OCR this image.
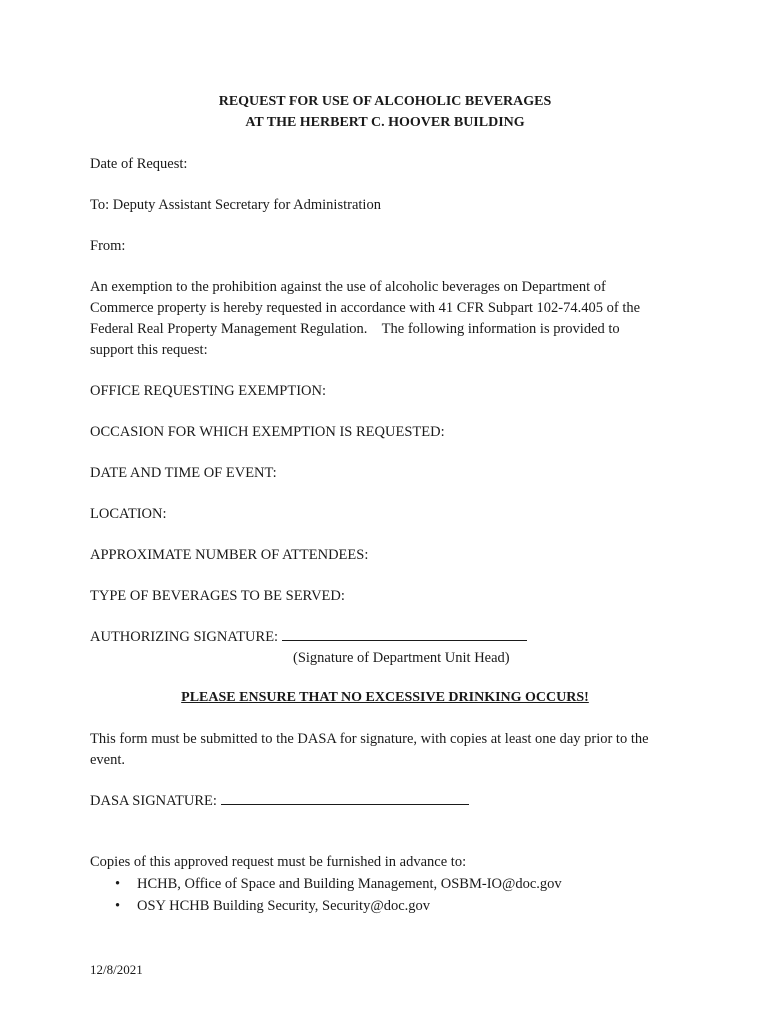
REQUEST FOR USE OF ALCOHOLIC BEVERAGES
AT THE HERBERT C. HOOVER BUILDING
Date of Request:
To: Deputy Assistant Secretary for Administration
From:
An exemption to the prohibition against the use of alcoholic beverages on Department of
Commerce property is hereby requested in accordance with 41 CFR Subpart 102-74.405 of the
Federal Real Property Management Regulation.    The following information is provided to
support this request:
OFFICE REQUESTING EXEMPTION:
OCCASION FOR WHICH EXEMPTION IS REQUESTED:
DATE AND TIME OF EVENT:
LOCATION:
APPROXIMATE NUMBER OF ATTENDEES:
TYPE OF BEVERAGES TO BE SERVED:
AUTHORIZING SIGNATURE:
(Signature of Department Unit Head)
PLEASE ENSURE THAT NO EXCESSIVE DRINKING OCCURS!
This form must be submitted to the DASA for signature, with copies at least one day prior to the
event.
DASA SIGNATURE:
Copies of this approved request must be furnished in advance to:
• HCHB, Office of Space and Building Management, OSBM-IO@doc.gov
• OSY HCHB Building Security, Security@doc.gov
12/8/2021
